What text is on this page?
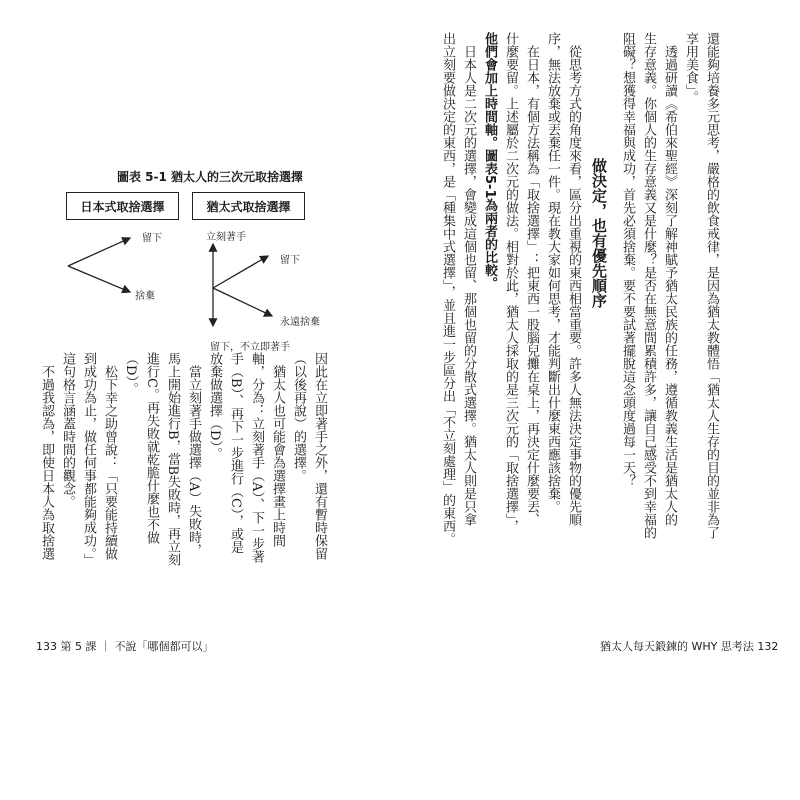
還能夠培養多元思考，嚴格的飲食戒律，是因為猶太教體悟「猶太人生存的目的並非為了
享用美食」。
　透過研讀《希伯來聖經》深刻了解神賦予猶太民族的任務，遵循教義生活是猶太人的
生存意義。你個人的生存意義又是什麼？是否在無意間累積許多，讓自己感受不到幸福的
阻礙？想獲得幸福與成功，首先必須捨棄。要不要試著擺脫這念頭度過每一天？
做決定，也有優先順序
　從思考方式的角度來看，區分出重視的東西相當重要。許多人無法決定事物的優先順
序，無法放棄或丟棄任一件。現在教大家如何思考，才能判斷出什麼東西應該捨棄。
　在日本，有個方法稱為「取捨選擇」：把東西一股腦兒攤在桌上，再決定什麼要丟、
什麼要留。上述屬於二次元的做法。相對於此，猶太人採取的是三次元的「取捨選擇」，
他們會加上時間軸。圖表5-1為兩者的比較。
　日本人是二次元的選擇，會變成這個也留、那個也留的分散式選擇。猶太人則是只拿
出立刻要做決定的東西，是「種集中式選擇」，並且進一步區分出「不立刻處理」的東西。
猶太人每天鍛鍊的 WHY 思考法 132
圖表 5-1 猶太人的三次元取捨選擇
日本式取捨選擇	猶太式取捨選擇
留下
捨棄
立刻著手
留下
永遠捨棄
留下，不立即著手
因此在立即著手之外，還有暫時保留
（以後再說）的選擇。
　猶太人也可能會為選擇畫上時間
軸，分為：立刻著手（A）、下一步著
手（B）、再下一步進行（C），或是
放棄做選擇（D）。
　當立刻著手做選擇（A）失敗時，
馬上開始進行B，當B失敗時，再立刻
進行C。再失敗就乾脆什麼也不做
（D）。
　松下幸之助曾說：「只要能持續做
到成功為止，做任何事都能夠成功。」
這句格言涵蓋時間的觀念。
　不過我認為，即使日本人為取捨選
133 第 5 課 ｜ 不說「哪個都可以」
